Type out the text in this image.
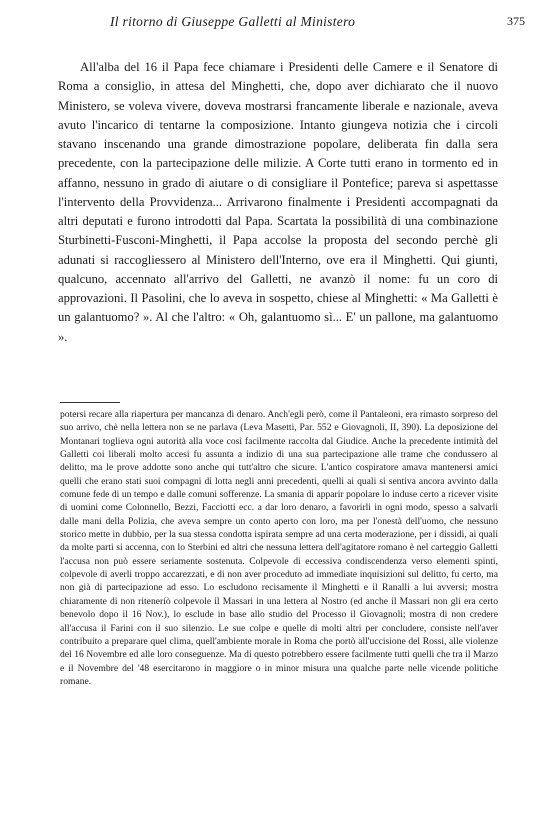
Il ritorno di Giuseppe Galletti al Ministero	375

All'alba del 16 il Papa fece chiamare i Presidenti delle Camere e il Senatore di Roma a consiglio, in attesa del Minghetti, che, dopo aver dichiarato che il nuovo Ministero, se voleva vivere, doveva mostrarsi francamente liberale e nazionale, aveva avuto l'incarico di tentarne la composizione. Intanto giungeva notizia che i circoli stavano inscenando una grande dimostrazione popolare, deliberata fin dalla sera precedente, con la partecipazione delle milizie. A Corte tutti erano in tormento ed in affanno, nessuno in grado di aiutare o di consigliare il Pontefice; pareva si aspettasse l'intervento della Provvidenza... Arrivarono finalmente i Presidenti accompagnati da altri deputati e furono introdotti dal Papa. Scartata la possibilità di una combinazione Sturbinetti-Fusconi-Minghetti, il Papa accolse la proposta del secondo perchè gli adunati si raccogliessero al Ministero dell'Interno, ove era il Minghetti. Qui giunti, qualcuno, accennato all'arrivo del Galletti, ne avanzò il nome: fu un coro di approvazioni. Il Pasolini, che lo aveva in sospetto, chiese al Minghetti: « Ma Galletti è un galantuomo? ». Al che l'altro: « Oh, galantuomo sì... E' un pallone, ma galantuomo ».

potersi recare alla riapertura per mancanza di denaro. Anch'egli però, come il Pantaleoni, era rimasto sorpreso del suo arrivo, chè nella lettera non se ne parlava (Leva Masetti, Par. 552 e Giovagnoli, II, 390). La deposizione del Montanari toglieva ogni autorità alla voce così facilmente raccolta dal Giudice. Anche la precedente intimità del Galletti coi liberali molto accesi fu assunta a indizio di una sua partecipazione alle trame che condussero al delitto, ma le prove addotte sono anche qui tutt'altro che sicure. L'antico cospiratore amava mantenersi amici quelli che erano stati suoi compagni di lotta negli anni precedenti, quelli ai quali si sentiva ancora avvinto dalla comune fede di un tempo e dalle comuni sofferenze. La smania di apparir popolare lo induse certo a ricever visite di uomini come Colonnello, Bezzi, Facciotti ecc. a dar loro denaro, a favorirli in ogni modo, spesso a salvarli dalle mani della Polizia, che aveva sempre un conto aperto con loro, ma per l'onestà dell'uomo, che nessuno storico mette in dubbio, per la sua stessa condotta ispirata sempre ad una certa moderazione, per i dissidi, ai quali da molte parti si accenna, con lo Sterbini ed altri che nessuna lettera dell'agitatore romano è nel carteggio Galletti l'accusa non può essere seriamente sostenuta. Colpevole di eccessiva condiscendenza verso elementi spinti, colpevole di averli troppo accarezzati, e di non aver proceduto ad immediate inquisizioni sul delitto, fu certo, ma non già di partecipazione ad esso. Lo escludono recisamente il Minghetti e il Ranalli a lui avversi; mostra chiaramente di non riteneríò colpevole il Massari in una lettera al Nostro (ed anche il Massari non gli era certo benevolo dopo il 16 Nov.), lo esclude in base allo studio del Processo il Giovagnoli; mostra di non credere all'accusa il Farini con il suo silenzio. Le sue colpe e quelle di molti altri per concludere, consiste nell'aver contribuito a preparare quel clima, quell'ambiente morale in Roma che portò all'uccisione del Rossi, alle violenze del 16 Novembre ed alle loro conseguenze. Ma di questo potrebbero essere facilmente tutti quelli che tra il Marzo e il Novembre del '48 esercitarono in maggiore o in minor misura una qualche parte nelle vicende politiche romane.
